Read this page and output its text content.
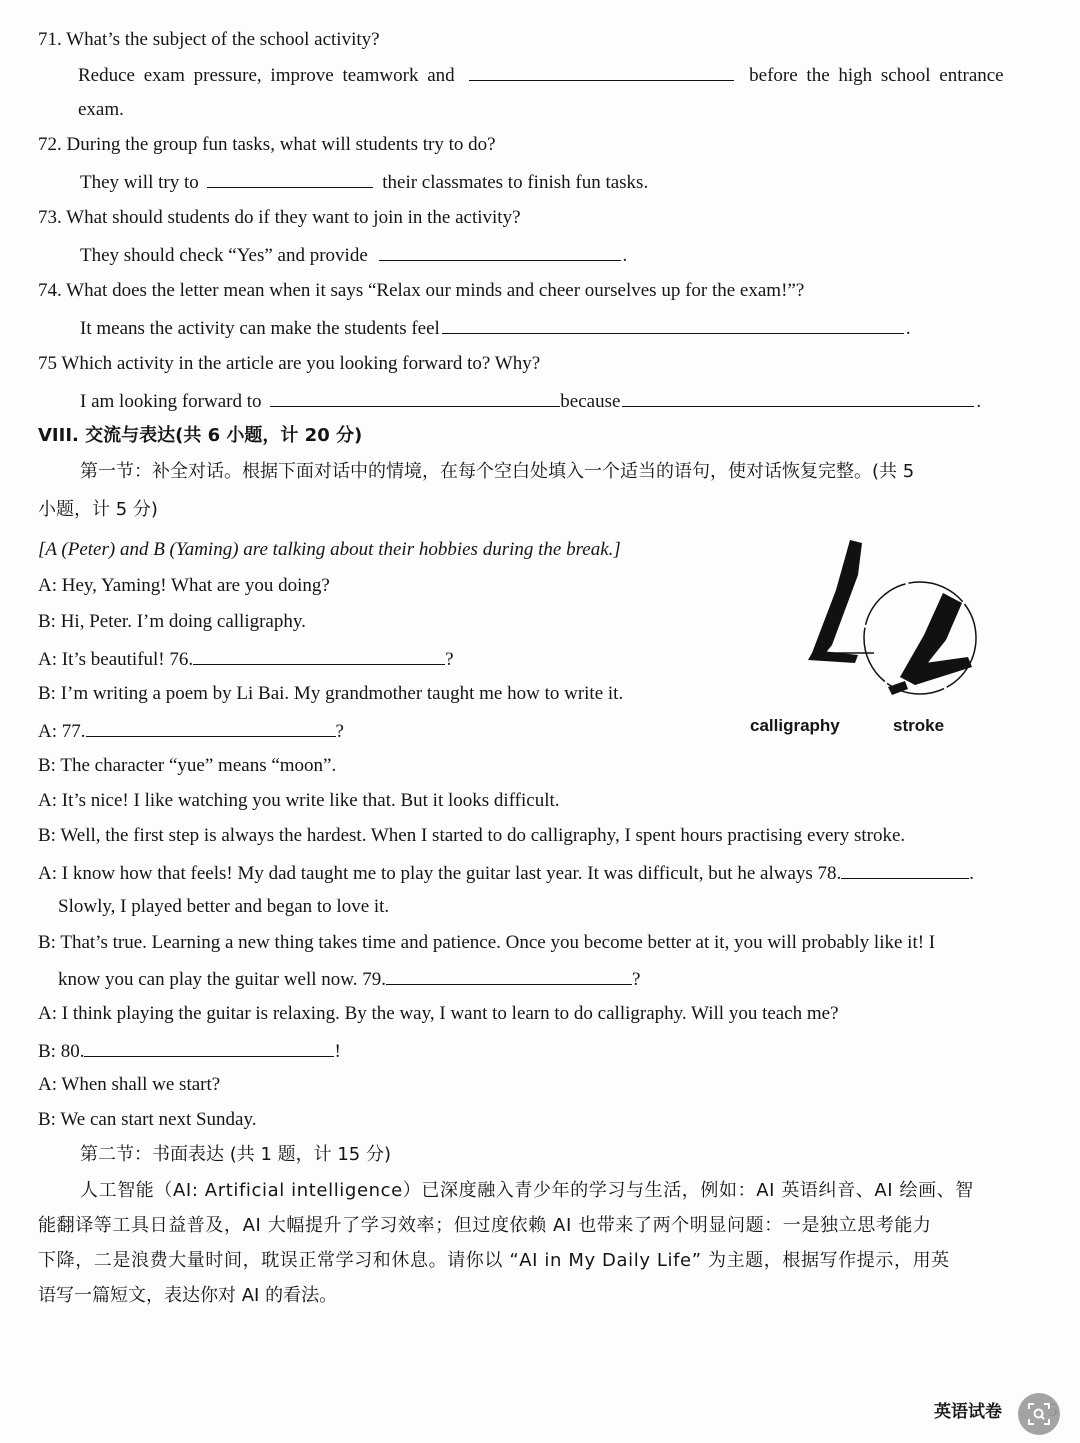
71. What’s the subject of the school activity?
Reduce exam pressure, improve teamwork and	before the high school entrance
exam.
72. During the group fun tasks, what will students try to do?
They will try to	their classmates to finish fun tasks.
73. What should students do if they want to join in the activity?
They should check “Yes” and provide	.
74. What does the letter mean when it says “Relax our minds and cheer ourselves up for the exam!”?
It means the activity can make the students feel	.
75 Which activity in the article are you looking forward to? Why?
I am looking forward to	because	.
VIII. 交流与表达(共 6 小题，计 20 分)
第一节：补全对话。根据下面对话中的情境，在每个空白处填入一个适当的语句，使对话恢复完整。(共 5
小题，计 5 分)
[A (Peter) and B (Yaming) are talking about their hobbies during the break.]
A: Hey, Yaming! What are you doing?
B: Hi, Peter. I’m doing calligraphy.
A: It’s beautiful! 76.	?
B: I’m writing a poem by Li Bai. My grandmother taught me how to write it.
A: 77.	?	calligraphy	stroke
B: The character “yue” means “moon”.
A: It’s nice! I like watching you write like that. But it looks difficult.
B: Well, the first step is always the hardest. When I started to do calligraphy, I spent hours practising every stroke.
A: I know how that feels! My dad taught me to play the guitar last year. It was difficult, but he always 78.	.
Slowly, I played better and began to love it.
B: That’s true. Learning a new thing takes time and patience. Once you become better at it, you will probably like it! I
know you can play the guitar well now. 79.	?
A: I think playing the guitar is relaxing. By the way, I want to learn to do calligraphy. Will you teach me?
B: 80.	!
A: When shall we start?
B: We can start next Sunday.
第二节：书面表达 (共 1 题，计 15 分)
人工智能（AI: Artificial intelligence）已深度融入青少年的学习与生活，例如：AI 英语纠音、AI 绘画、智
能翻译等工具日益普及，AI 大幅提升了学习效率；但过度依赖 AI 也带来了两个明显问题：一是独立思考能力
下降，二是浪费大量时间，耽误正常学习和休息。请你以 “AI in My Daily Life” 为主题，根据写作提示，用英
语写一篇短文，表达你对 AI 的看法。
英语试卷
